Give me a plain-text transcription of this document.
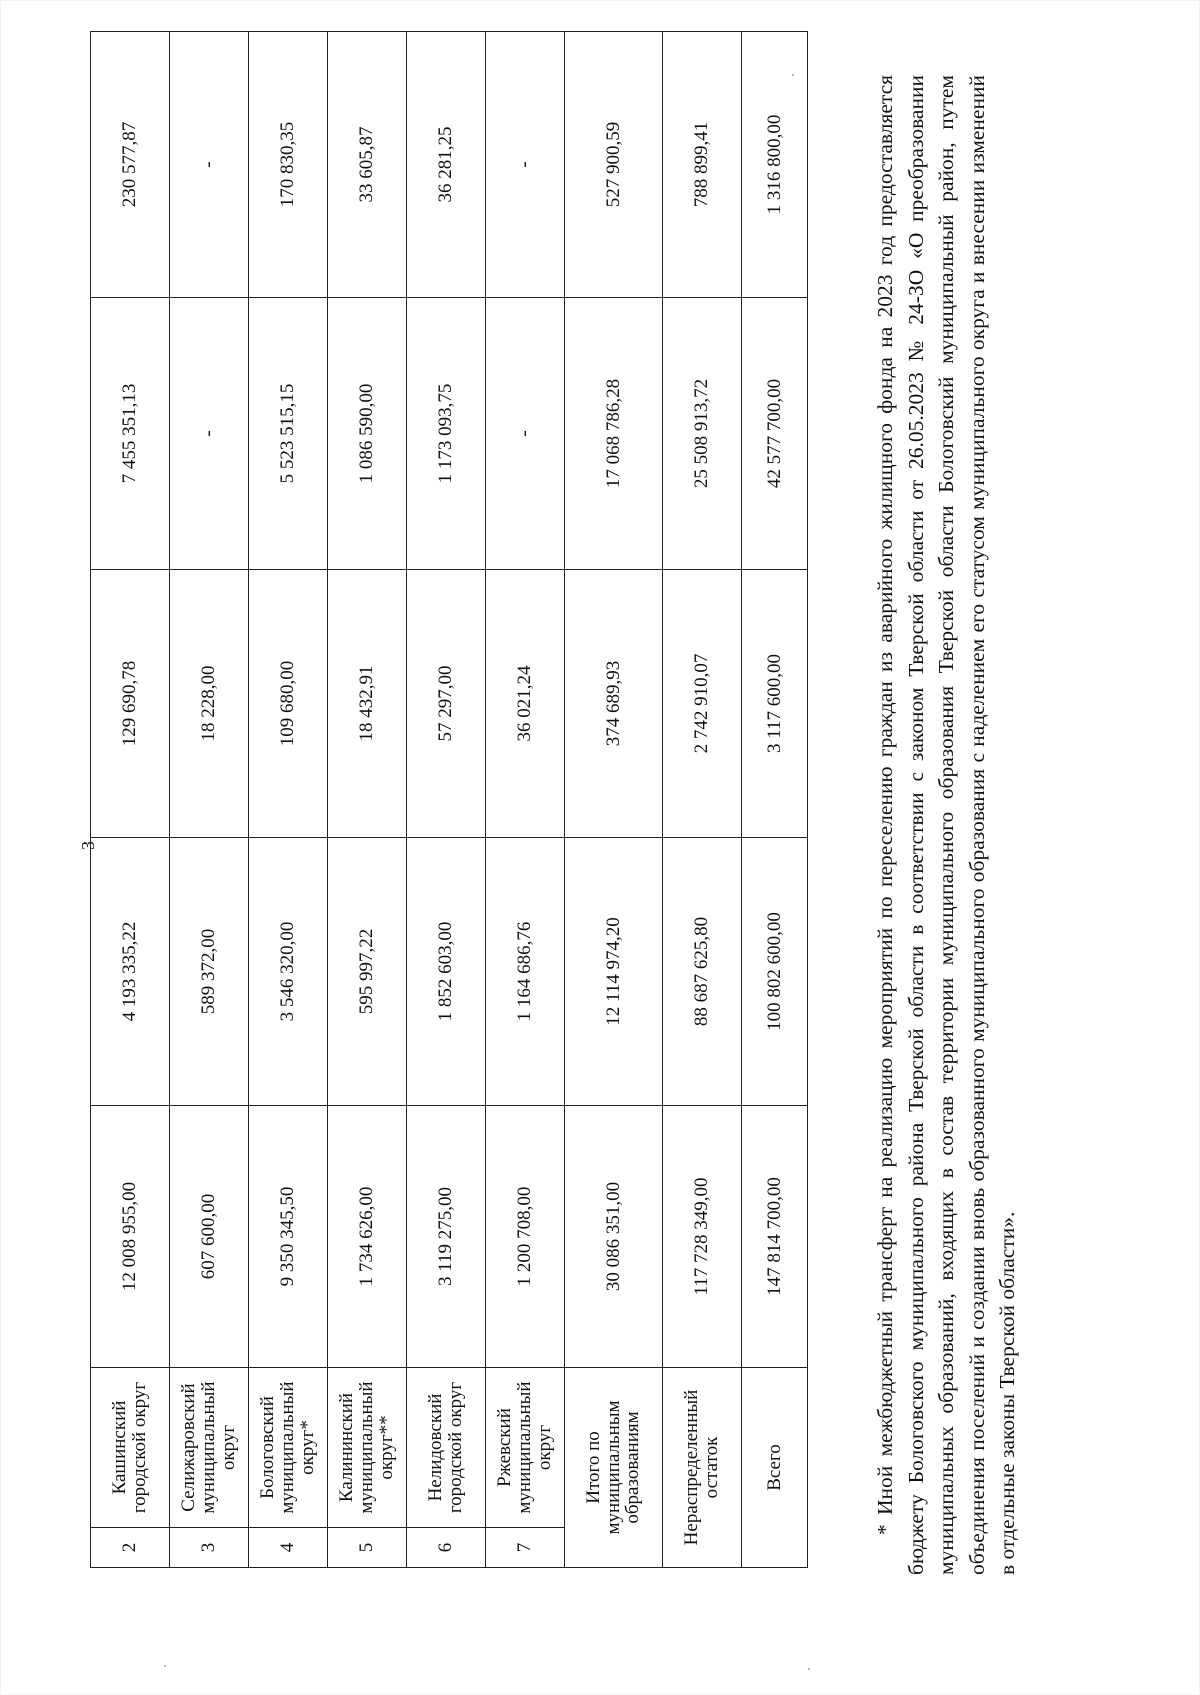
3
2	Кашинский городской округ	12 008 955,00	4 193 335,22	129 690,78	7 455 351,13	230 577,87
3	Селижаровский муниципальный округ	607 600,00	589 372,00	18 228,00	-	-
4	Бологовский муниципальный округ*	9 350 345,50	3 546 320,00	109 680,00	5 523 515,15	170 830,35
5	Калининский муниципальный округ**	1 734 626,00	595 997,22	18 432,91	1 086 590,00	33 605,87
6	Нелидовский городской округ	3 119 275,00	1 852 603,00	57 297,00	1 173 093,75	36 281,25
7	Ржевский муниципальный округ	1 200 708,00	1 164 686,76	36 021,24	-	-
Итого по муниципальным образованиям		30 086 351,00	12 114 974,20	374 689,93	17 068 786,28	527 900,59
Нераспределенный остаток		117 728 349,00	88 687 625,80	2 742 910,07	25 508 913,72	788 899,41
Всего		147 814 700,00	100 802 600,00	3 117 600,00	42 577 700,00	1 316 800,00	* Иной межбюджетный трансферт на реализацию мероприятий по переселению граждан из аварийного жилищного фонда на 2023 год предоставляется бюджету Бологовского муниципального района Тверской области в соответствии с законом Тверской области от 26.05.2023 № 24-ЗО «О преобразовании муниципальных образований, входящих в состав территории муниципального образования Тверской области Бологовский муниципальный район, путем объединения поселений и создании вновь образованного муниципального образования с наделением его статусом муниципального округа и внесении изменений в отдельные законы Тверской области».
